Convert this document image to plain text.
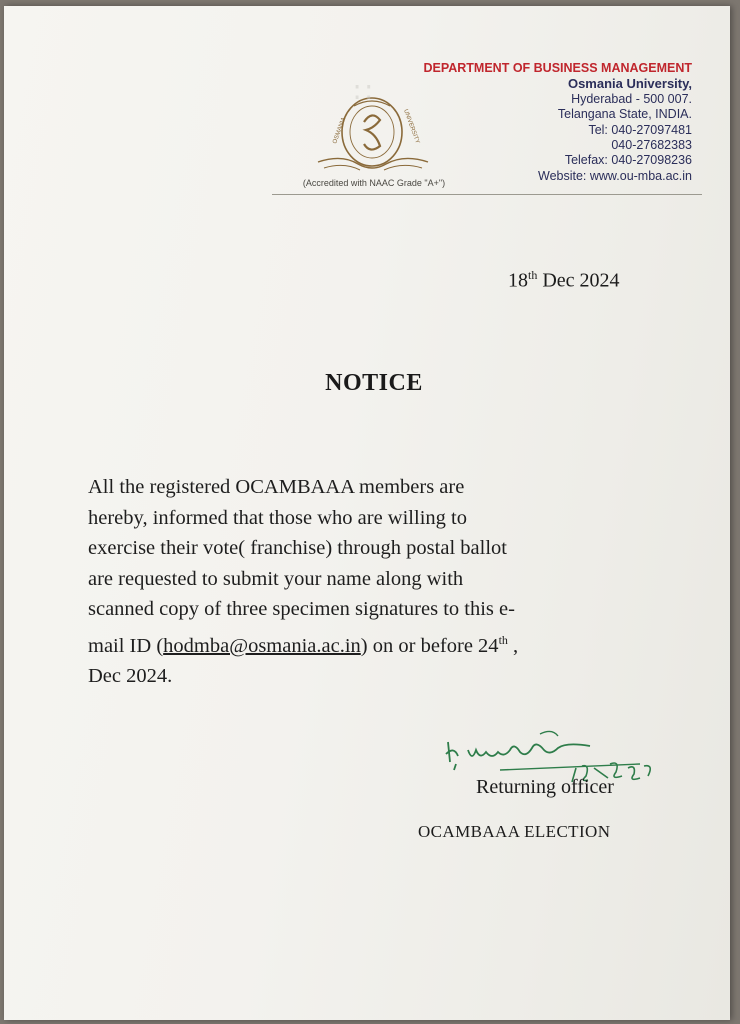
OSMANIA	UNIVERSITY
(Accredited with NAAC Grade "A+")
DEPARTMENT OF BUSINESS MANAGEMENT
Osmania University,
Hyderabad - 500 007.
Telangana State, INDIA.
Tel: 040-27097481
040-27682383
Telefax: 040-27098236
Website: www.ou-mba.ac.in
∷
18th Dec 2024
NOTICE
All the registered OCAMBAAA members are
hereby, informed that those who are willing to
exercise their vote( franchise) through postal ballot
are requested to submit your name along with
scanned copy of three specimen signatures to this e-
mail ID (hodmba@osmania.ac.in) on or before 24th ,
Dec 2024.
Returning officer
OCAMBAAA ELECTION
